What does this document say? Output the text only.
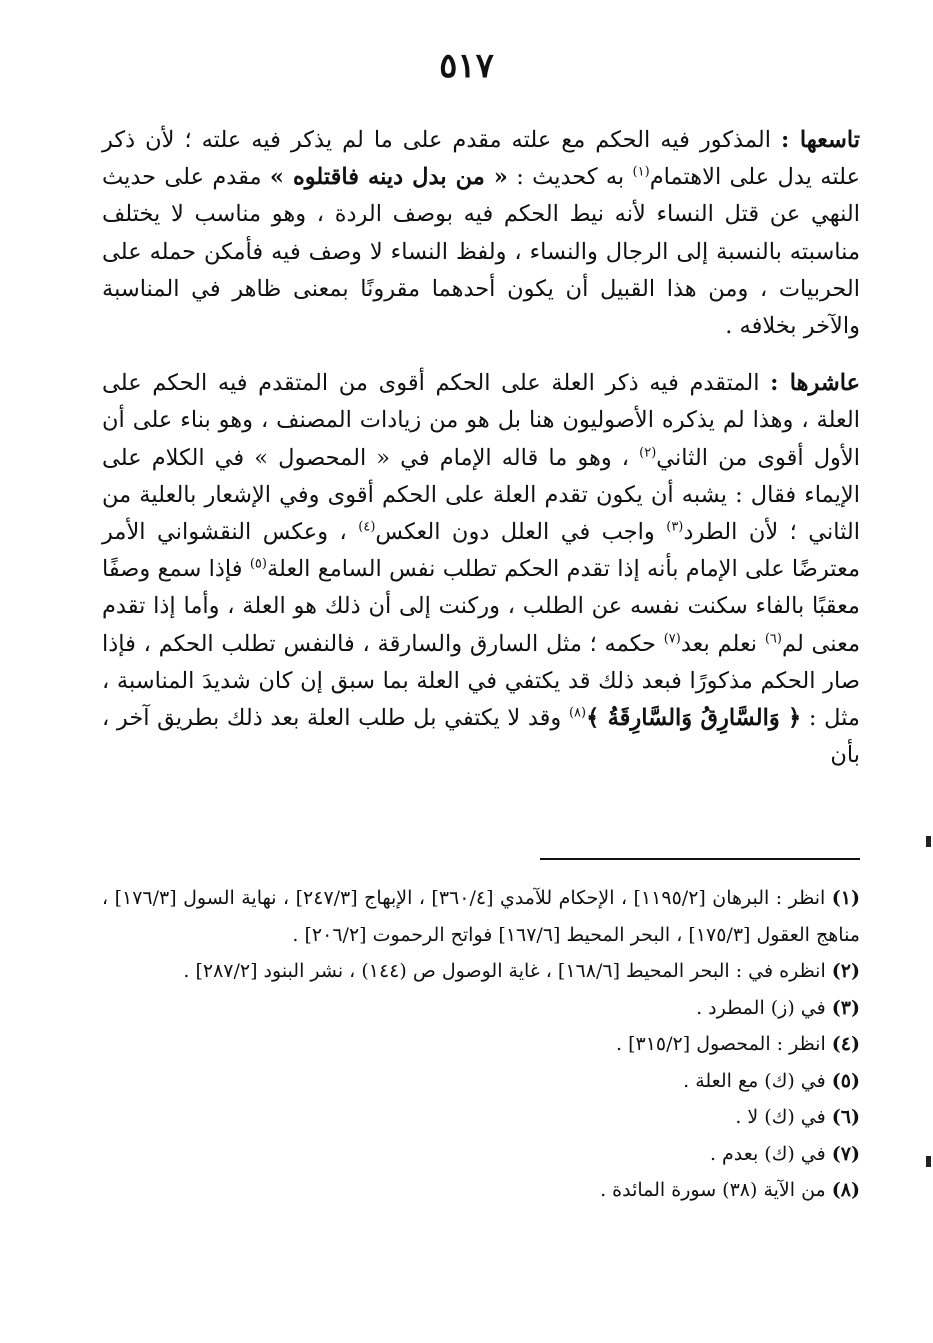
٥١٧

تاسعها : المذكور فيه الحكم مع علته مقدم على ما لم يذكر فيه علته ؛ لأن ذكر علته يدل على الاهتمام$^{(١)}$ به كحديث : « من بدل دينه فاقتلوه » مقدم على حديث النهي عن قتل النساء لأنه نيط الحكم فيه بوصف الردة ، وهو مناسب لا يختلف مناسبته بالنسبة إلى الرجال والنساء ، ولفظ النساء لا وصف فيه فأمكن حمله على الحربيات ، ومن هذا القبيل أن يكون أحدهما مقرونًا بمعنى ظاهر في المناسبة والآخر بخلافه .

عاشرها : المتقدم فيه ذكر العلة على الحكم أقوى من المتقدم فيه الحكم على العلة ، وهذا لم يذكره الأصوليون هنا بل هو من زيادات المصنف ، وهو بناء على أن الأول أقوى من الثاني$^{(٢)}$ ، وهو ما قاله الإمام في « المحصول » في الكلام على الإيماء فقال : يشبه أن يكون تقدم العلة على الحكم أقوى وفي الإشعار بالعلية من الثاني ؛ لأن الطرد$^{(٣)}$ واجب في العلل دون العكس$^{(٤)}$ ، وعكس النقشواني الأمر معترضًا على الإمام بأنه إذا تقدم الحكم تطلب نفس السامع العلة$^{(٥)}$ فإذا سمع وصفًا معقبًا بالفاء سكنت نفسه عن الطلب ، وركنت إلى أن ذلك هو العلة ، وأما إذا تقدم معنى لم$^{(٦)}$ نعلم بعد$^{(٧)}$ حكمه ؛ مثل السارق والسارقة ، فالنفس تطلب الحكم ، فإذا صار الحكم مذكورًا فبعد ذلك قد يكتفي في العلة بما سبق إن كان شديدَ المناسبة ، مثل : ﴿ وَالسَّارِقُ وَالسَّارِقَةُ ﴾$^{(٨)}$ وقد لا يكتفي بل طلب العلة بعد ذلك بطريق آخر ، بأن

(١) انظر : البرهان [١١٩٥/٢] ، الإحكام للآمدي [٣٦٠/٤] ، الإبهاج [٢٤٧/٣] ، نهاية السول [١٧٦/٣] ، مناهج العقول [١٧٥/٣] ، البحر المحيط [١٦٧/٦] فواتح الرحموت [٢٠٦/٢] .
(٢) انظره في : البحر المحيط [١٦٨/٦] ، غاية الوصول ص (١٤٤) ، نشر البنود [٢٨٧/٢] .
(٣) في (ز) المطرد .
(٤) انظر : المحصول [٣١٥/٢] .
(٥) في (ك) مع العلة .
(٦) في (ك) لا .
(٧) في (ك) بعدم .
(٨) من الآية (٣٨) سورة المائدة .
